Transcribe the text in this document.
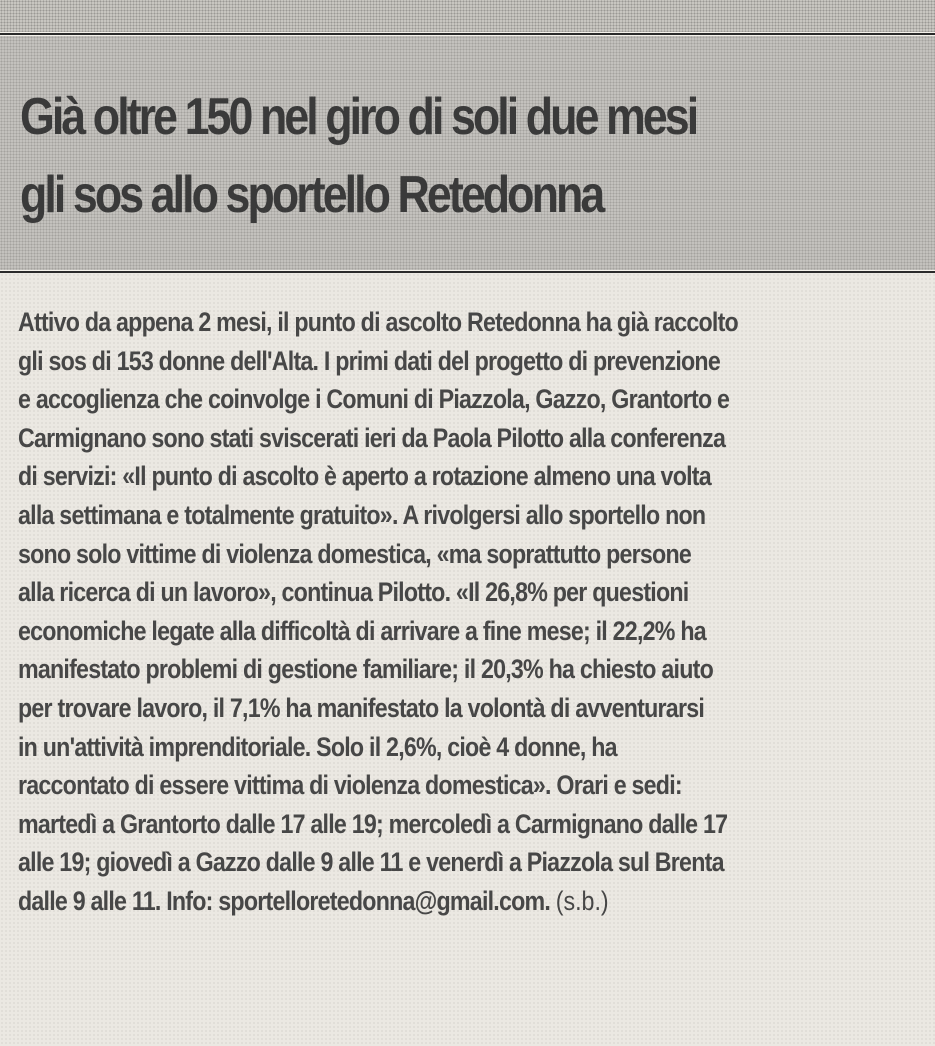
Già oltre 150 nel giro di soli due mesi
gli sos allo sportello Retedonna
Attivo da appena 2 mesi, il punto di ascolto Retedonna ha già raccolto
gli sos di 153 donne dell'Alta. I primi dati del progetto di prevenzione
e accoglienza che coinvolge i Comuni di Piazzola, Gazzo, Grantorto e
Carmignano sono stati sviscerati ieri da Paola Pilotto alla conferenza
di servizi: «Il punto di ascolto è aperto a rotazione almeno una volta
alla settimana e totalmente gratuito». A rivolgersi allo sportello non
sono solo vittime di violenza domestica, «ma soprattutto persone
alla ricerca di un lavoro», continua Pilotto. «Il 26,8% per questioni
economiche legate alla difficoltà di arrivare a fine mese; il 22,2% ha
manifestato problemi di gestione familiare; il 20,3% ha chiesto aiuto
per trovare lavoro, il 7,1% ha manifestato la volontà di avventurarsi
in un'attività imprenditoriale. Solo il 2,6%, cioè 4 donne, ha
raccontato di essere vittima di violenza domestica». Orari e sedi:
martedì a Grantorto dalle 17 alle 19; mercoledì a Carmignano dalle 17
alle 19; giovedì a Gazzo dalle 9 alle 11 e venerdì a Piazzola sul Brenta
dalle 9 alle 11. Info: sportelloretedonna@gmail.com. (s.b.)
